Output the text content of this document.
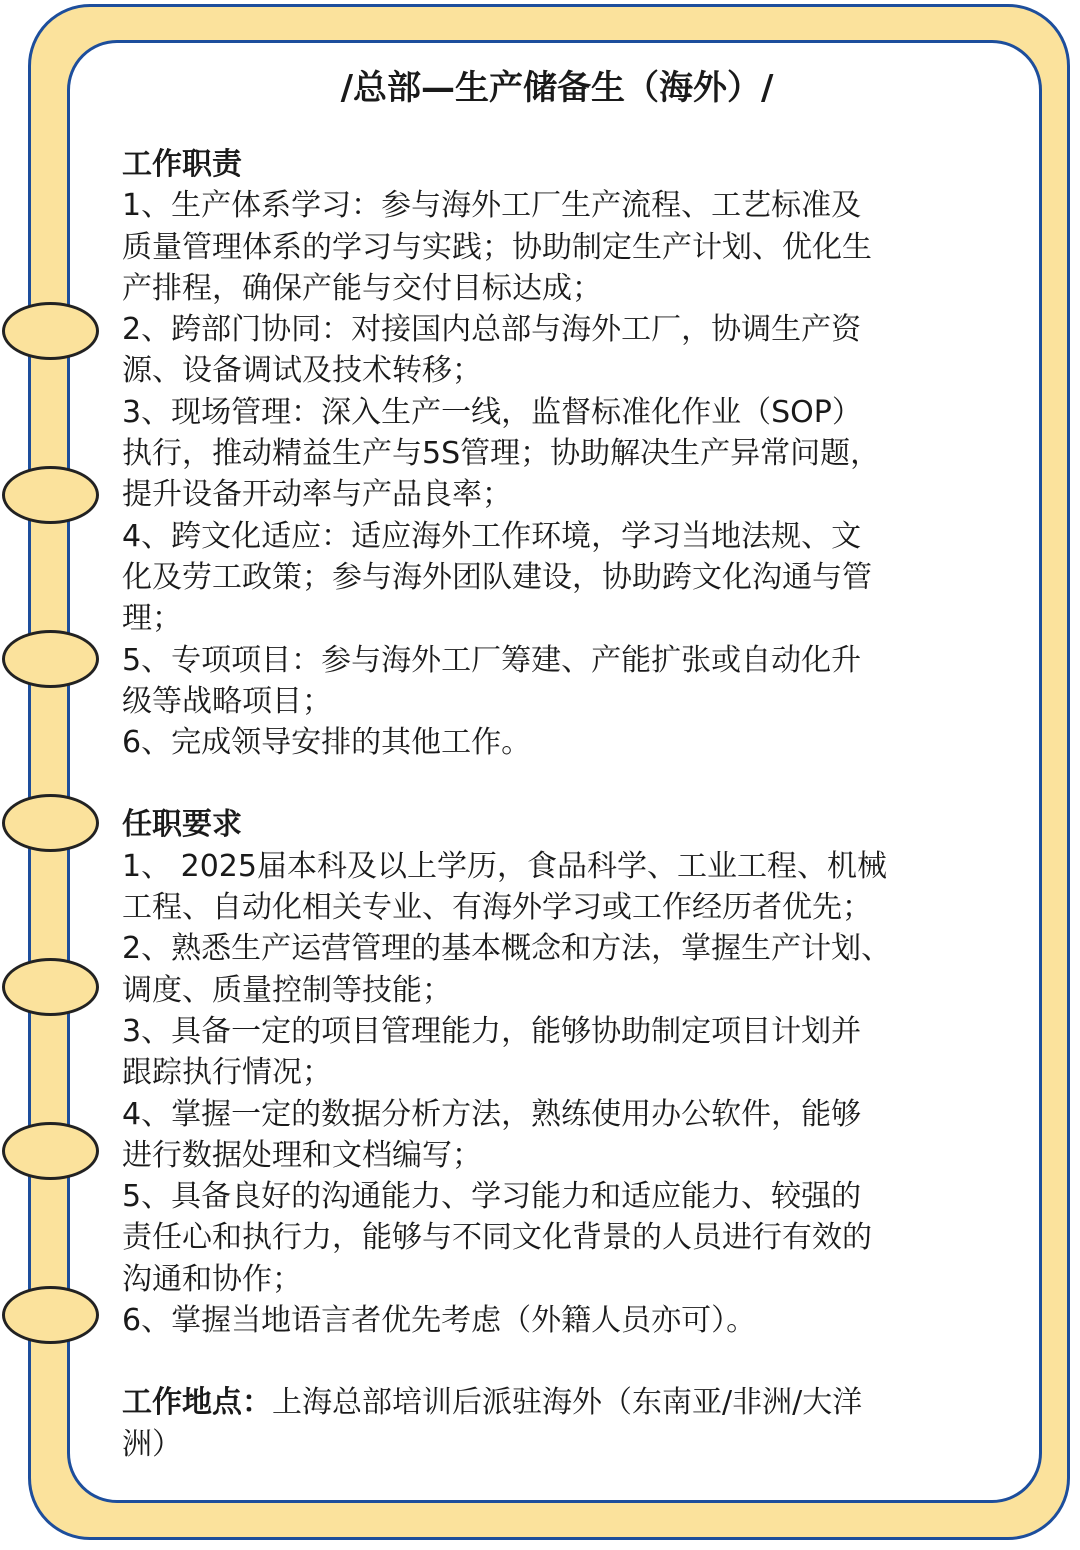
/总部—生产储备生（海外）/
工作职责
1、生产体系学习：参与海外工厂生产流程、工艺标准及
质量管理体系的学习与实践；协助制定生产计划、优化生
产排程，确保产能与交付目标达成；
2、跨部门协同：对接国内总部与海外工厂，协调生产资
源、设备调试及技术转移；
3、现场管理：深入生产一线，监督标准化作业（SOP）
执行，推动精益生产与5S管理；协助解决生产异常问题，
提升设备开动率与产品良率；
4、跨文化适应：适应海外工作环境，学习当地法规、文
化及劳工政策；参与海外团队建设，协助跨文化沟通与管
理；
5、专项项目：参与海外工厂筹建、产能扩张或自动化升
级等战略项目；
6、完成领导安排的其他工作。
任职要求
1、 2025届本科及以上学历，食品科学、工业工程、机械
工程、自动化相关专业、有海外学习或工作经历者优先；
2、熟悉生产运营管理的基本概念和方法，掌握生产计划、
调度、质量控制等技能；
3、具备一定的项目管理能力，能够协助制定项目计划并
跟踪执行情况；
4、掌握一定的数据分析方法，熟练使用办公软件，能够
进行数据处理和文档编写；
5、具备良好的沟通能力、学习能力和适应能力、较强的
责任心和执行力，能够与不同文化背景的人员进行有效的
沟通和协作；
6、掌握当地语言者优先考虑（外籍人员亦可）。
工作地点：上海总部培训后派驻海外（东南亚/非洲/大洋
洲）
